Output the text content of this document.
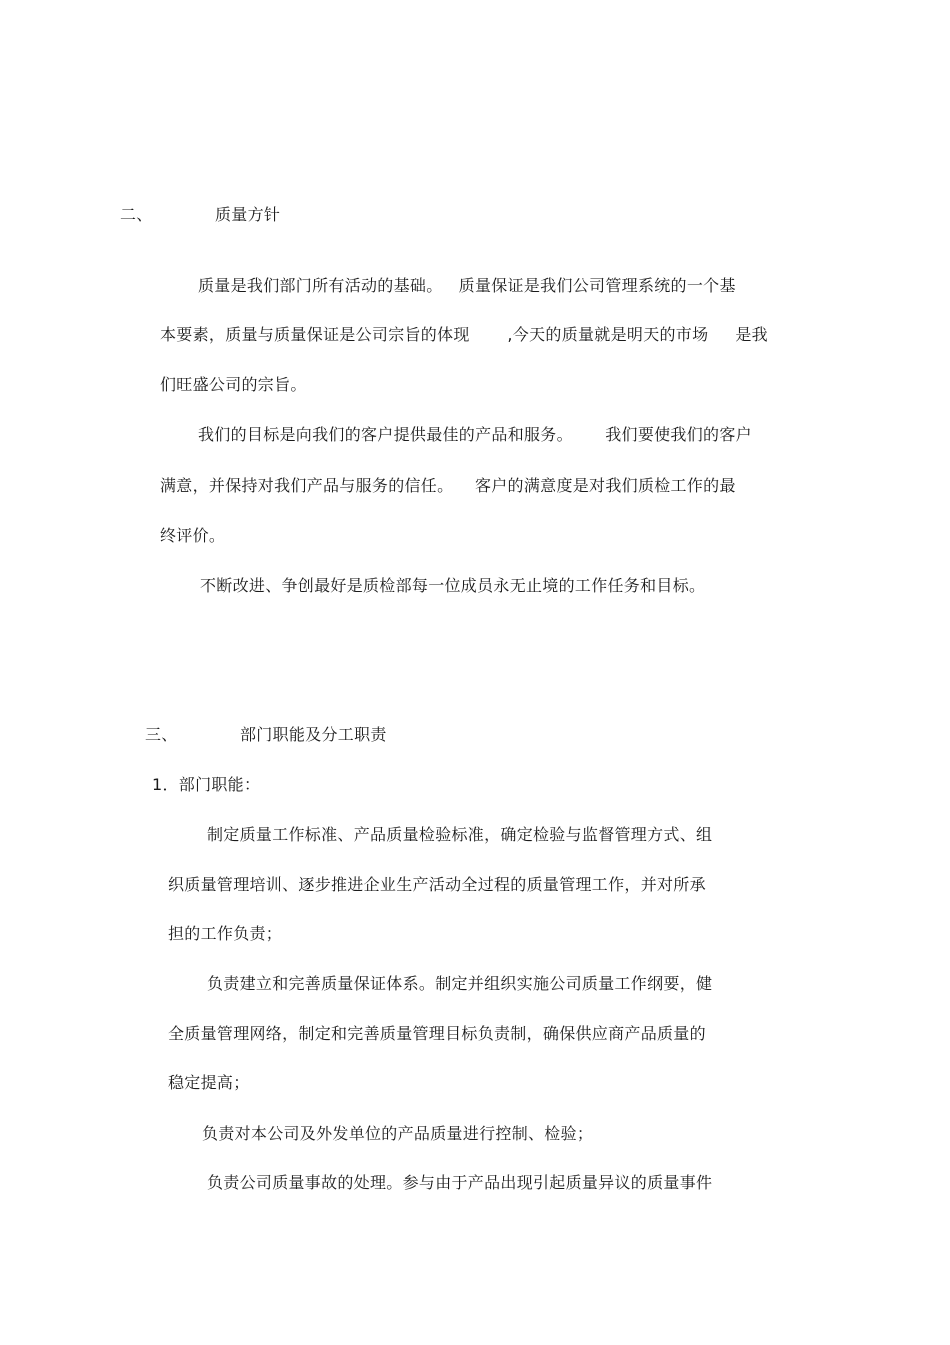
二、	质量方针
质量是我们部门所有活动的基础。   质量保证是我们公司管理系统的一个基
本要素，质量与质量保证是公司宗旨的体现       ,今天的质量就是明天的市场     是我
们旺盛公司的宗旨。
我们的目标是向我们的客户提供最佳的产品和服务。      我们要使我们的客户
满意，并保持对我们产品与服务的信任。    客户的满意度是对我们质检工作的最
终评价。
不断改进、争创最好是质检部每一位成员永无止境的工作任务和目标。
三、	部门职能及分工职责
1．部门职能：
制定质量工作标准、产品质量检验标准，确定检验与监督管理方式、组
织质量管理培训、逐步推进企业生产活动全过程的质量管理工作，并对所承
担的工作负责；
负责建立和完善质量保证体系。制定并组织实施公司质量工作纲要，健
全质量管理网络，制定和完善质量管理目标负责制，确保供应商产品质量的
稳定提高；
负责对本公司及外发单位的产品质量进行控制、检验；
负责公司质量事故的处理。参与由于产品出现引起质量异议的质量事件
